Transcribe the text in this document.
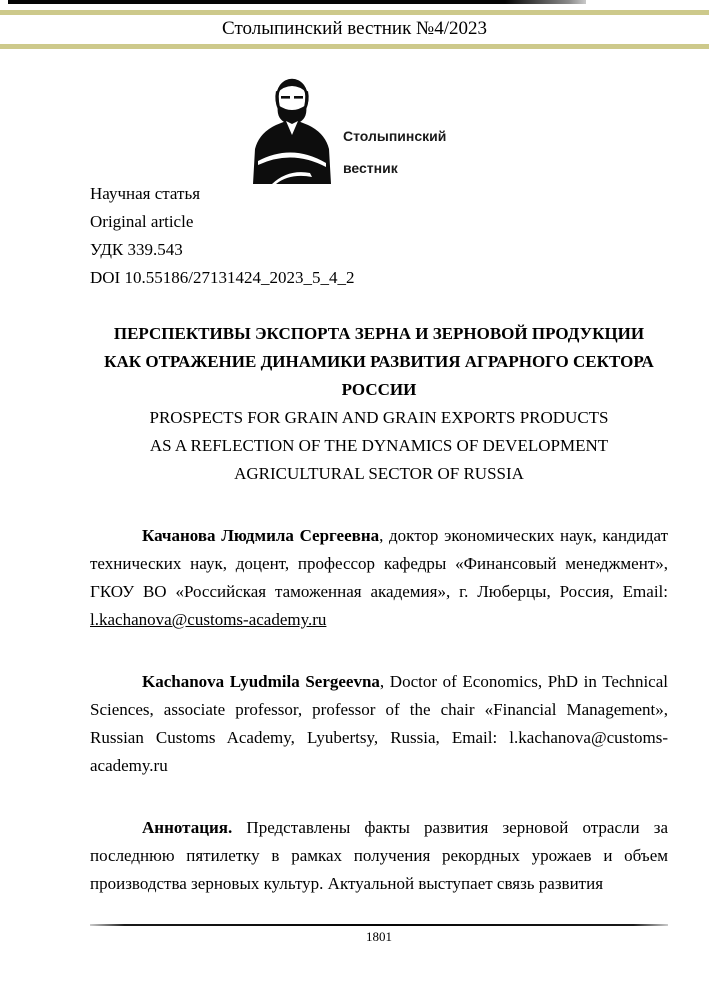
Столыпинский вестник №4/2023
Столыпинский
вестник
Научная статья
Original article
УДК 339.543
DOI 10.55186/27131424_2023_5_4_2
ПЕРСПЕКТИВЫ ЭКСПОРТА ЗЕРНА И ЗЕРНОВОЙ ПРОДУКЦИИ
КАК ОТРАЖЕНИЕ ДИНАМИКИ РАЗВИТИЯ АГРАРНОГО СЕКТОРА
РОССИИ
PROSPECTS FOR GRAIN AND GRAIN EXPORTS PRODUCTS
AS A REFLECTION OF THE DYNAMICS OF DEVELOPMENT
AGRICULTURAL SECTOR OF RUSSIA

Качанова Людмила Сергеевна, доктор экономических наук, кандидат технических наук, доцент, профессор кафедры «Финансовый менеджмент», ГКОУ ВО «Российская таможенная академия», г. Люберцы, Россия, Email: l.kachanova@customs-academy.ru

Kachanova Lyudmila Sergeevna, Doctor of Economics, PhD in Technical Sciences, associate professor, professor of the chair «Financial Management», Russian Customs Academy, Lyubertsy, Russia, Email: l.kachanova@customs-academy.ru

Аннотация. Представлены факты развития зерновой отрасли за последнюю пятилетку в рамках получения рекордных урожаев и объем производства зерновых культур. Актуальной выступает связь развития

1801
